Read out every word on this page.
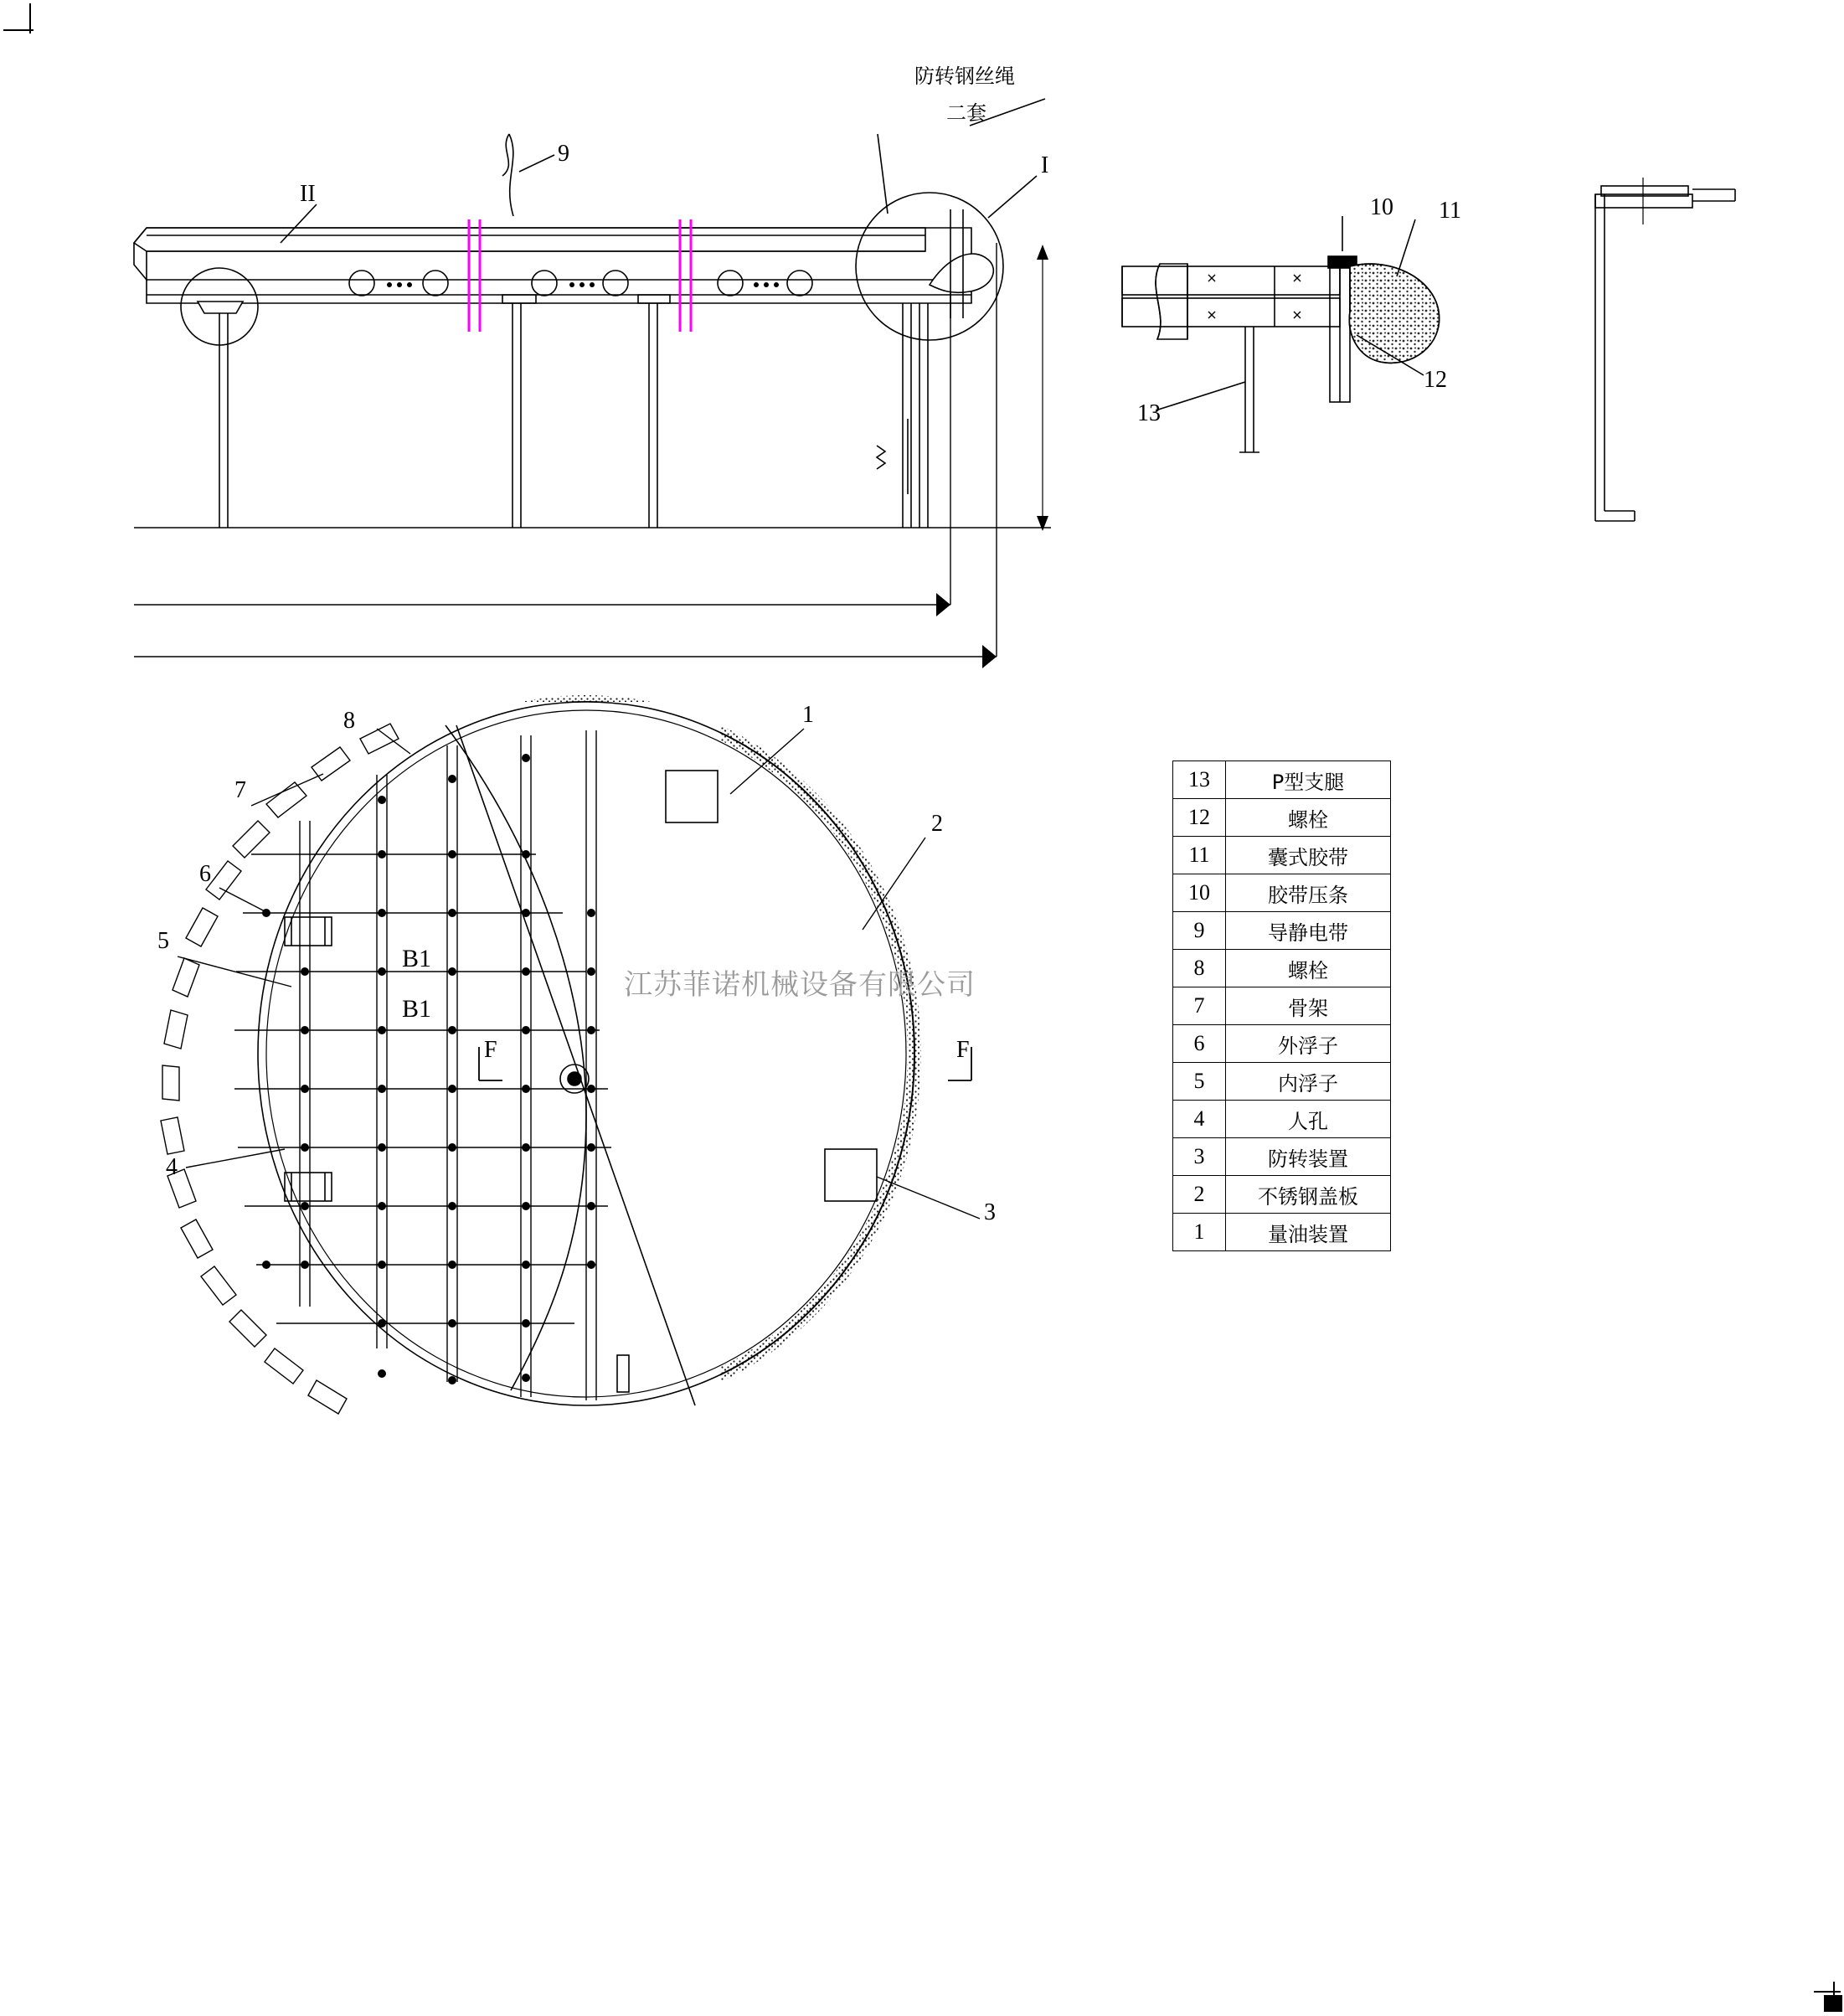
防转钢丝绳
二套
I
II
9
10 11
12
13
1
2
3
4
5
6
7
8
B1
B1
F	F
江苏菲诺机械设备有限公司
13	P型支腿
12	螺栓
11	囊式胶带
10	胶带压条
9	导静电带
8	螺栓
7	骨架
6	外浮子
5	内浮子
4	人孔
3	防转装置
2	不锈钢盖板
1	量油装置
